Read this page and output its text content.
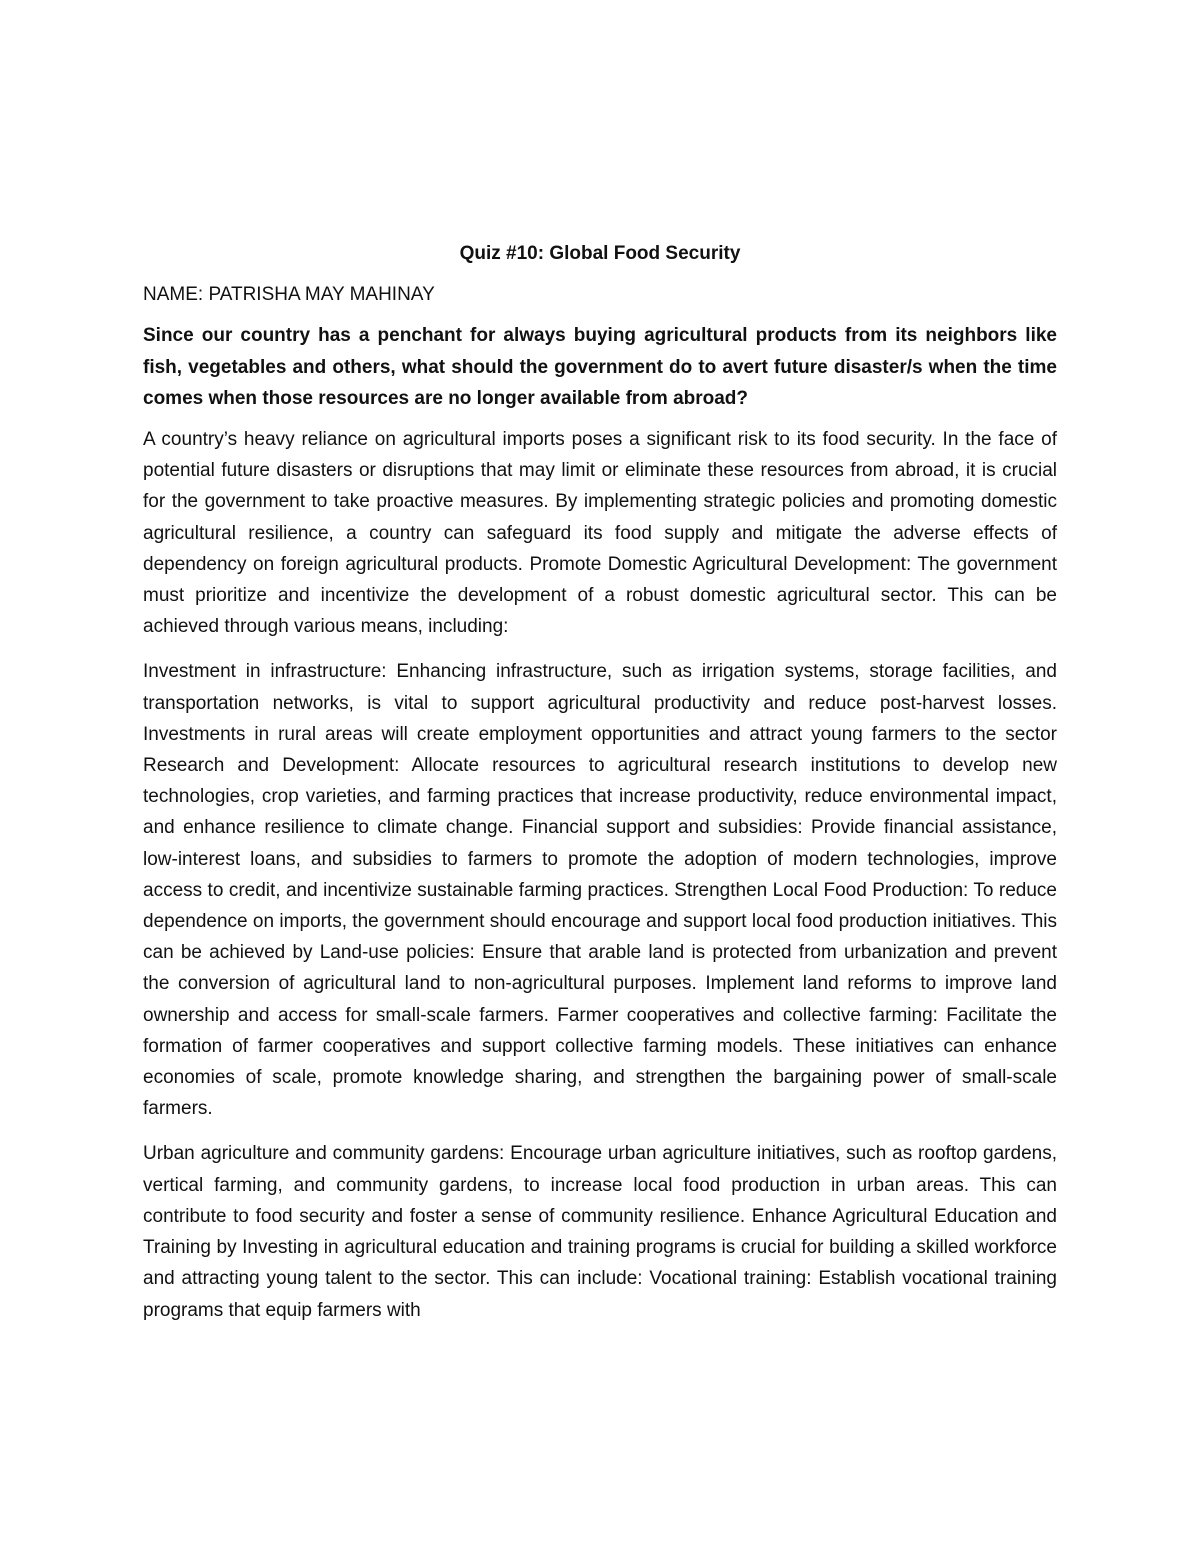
Quiz #10: Global Food Security
NAME: PATRISHA MAY MAHINAY
Since our country has a penchant for always buying agricultural products from its neighbors like fish, vegetables and others, what should the government do to avert future disaster/s when the time comes when those resources are no longer available from abroad?
A country’s heavy reliance on agricultural imports poses a significant risk to its food security. In the face of potential future disasters or disruptions that may limit or eliminate these resources from abroad, it is crucial for the government to take proactive measures. By implementing strategic policies and promoting domestic agricultural resilience, a country can safeguard its food supply and mitigate the adverse effects of dependency on foreign agricultural products. Promote Domestic Agricultural Development: The government must prioritize and incentivize the development of a robust domestic agricultural sector. This can be achieved through various means, including:
Investment in infrastructure: Enhancing infrastructure, such as irrigation systems, storage facilities, and transportation networks, is vital to support agricultural productivity and reduce post-harvest losses. Investments in rural areas will create employment opportunities and attract young farmers to the sector Research and Development: Allocate resources to agricultural research institutions to develop new technologies, crop varieties, and farming practices that increase productivity, reduce environmental impact, and enhance resilience to climate change. Financial support and subsidies: Provide financial assistance, low-interest loans, and subsidies to farmers to promote the adoption of modern technologies, improve access to credit, and incentivize sustainable farming practices. Strengthen Local Food Production: To reduce dependence on imports, the government should encourage and support local food production initiatives. This can be achieved by Land-use policies: Ensure that arable land is protected from urbanization and prevent the conversion of agricultural land to non-agricultural purposes. Implement land reforms to improve land ownership and access for small-scale farmers. Farmer cooperatives and collective farming: Facilitate the formation of farmer cooperatives and support collective farming models. These initiatives can enhance economies of scale, promote knowledge sharing, and strengthen the bargaining power of small-scale farmers.
Urban agriculture and community gardens: Encourage urban agriculture initiatives, such as rooftop gardens, vertical farming, and community gardens, to increase local food production in urban areas. This can contribute to food security and foster a sense of community resilience. Enhance Agricultural Education and Training by Investing in agricultural education and training programs is crucial for building a skilled workforce and attracting young talent to the sector. This can include: Vocational training: Establish vocational training programs that equip farmers with
